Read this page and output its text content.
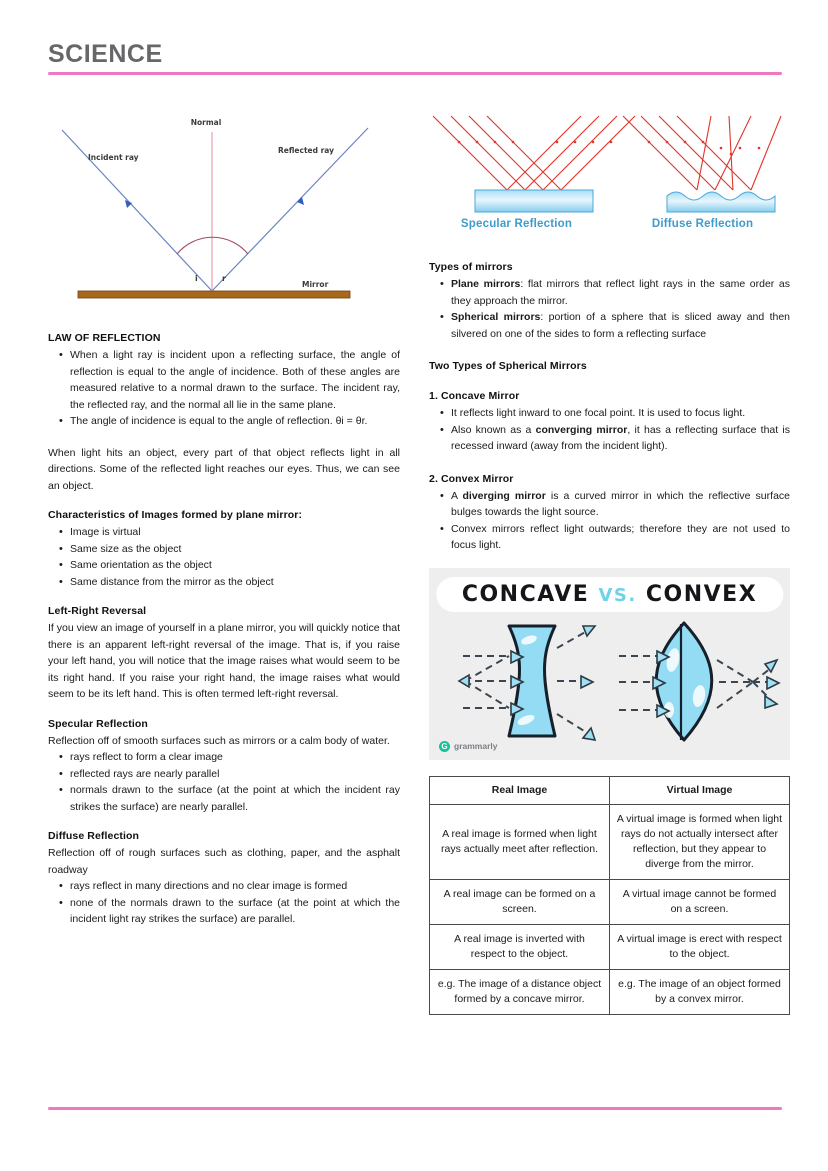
SCIENCE
Normal
Incident ray
Reflected ray
i	r
Mirror
LAW OF REFLECTION
• When a light ray is incident upon a reflecting surface, the angle of reflection is equal to the angle of incidence. Both of these angles are measured relative to a normal drawn to the surface. The incident ray, the reflected ray, and the normal all lie in the same plane.
• The angle of incidence is equal to the angle of reflection. θi = θr.

When light hits an object, every part of that object reflects light in all directions. Some of the reflected light reaches our eyes. Thus, we can see an object.

Characteristics of Images formed by plane mirror:
• Image is virtual
• Same size as the object
• Same orientation as the object
• Same distance from the mirror as the object
Left-Right Reversal

If you view an image of yourself in a plane mirror, you will quickly notice that there is an apparent left-right reversal of the image. That is, if you raise your left hand, you will notice that the image raises what would seem to be its right hand. If you raise your right hand, the image raises what would seem to be its left hand. This is often termed left-right reversal.

Specular Reflection

Reflection off of smooth surfaces such as mirrors or a calm body of water.

• rays reflect to form a clear image
• reflected rays are nearly parallel
• normals drawn to the surface (at the point at which the incident ray strikes the surface) are nearly parallel.
Diffuse Reflection

Reflection off of rough surfaces such as clothing, paper, and the asphalt roadway

• rays reflect in many directions and no clear image is formed
• none of the normals drawn to the surface (at the point at which the incident light ray strikes the surface) are parallel.
Specular Reflection	Diffuse Reflection
Types of mirrors
• Plane mirrors: flat mirrors that reflect light rays in the same order as they approach the mirror.
• Spherical mirrors: portion of a sphere that is sliced away and then silvered on one of the sides to form a reflecting surface
Two Types of Spherical Mirrors
1. Concave Mirror
• It reflects light inward to one focal point. It is used to focus light.
• Also known as a converging mirror, it has a reflecting surface that is recessed inward (away from the incident light).
2. Convex Mirror
• A diverging mirror is a curved mirror in which the reflective surface bulges towards the light source.
• Convex mirrors reflect light outwards; therefore they are not used to focus light.
CONCAVE VS. CONVEX
G grammarly
Real Image	Virtual Image
A real image is formed when light rays actually meet after reflection.	A virtual image is formed when light rays do not actually intersect after reflection, but they appear to diverge from the mirror.
A real image can be formed on a screen.	A virtual image cannot be formed on a screen.
A real image is inverted with respect to the object.	A virtual image is erect with respect to the object.
e.g. The image of a distance object formed by a concave mirror.	e.g. The image of an object formed by a convex mirror.
